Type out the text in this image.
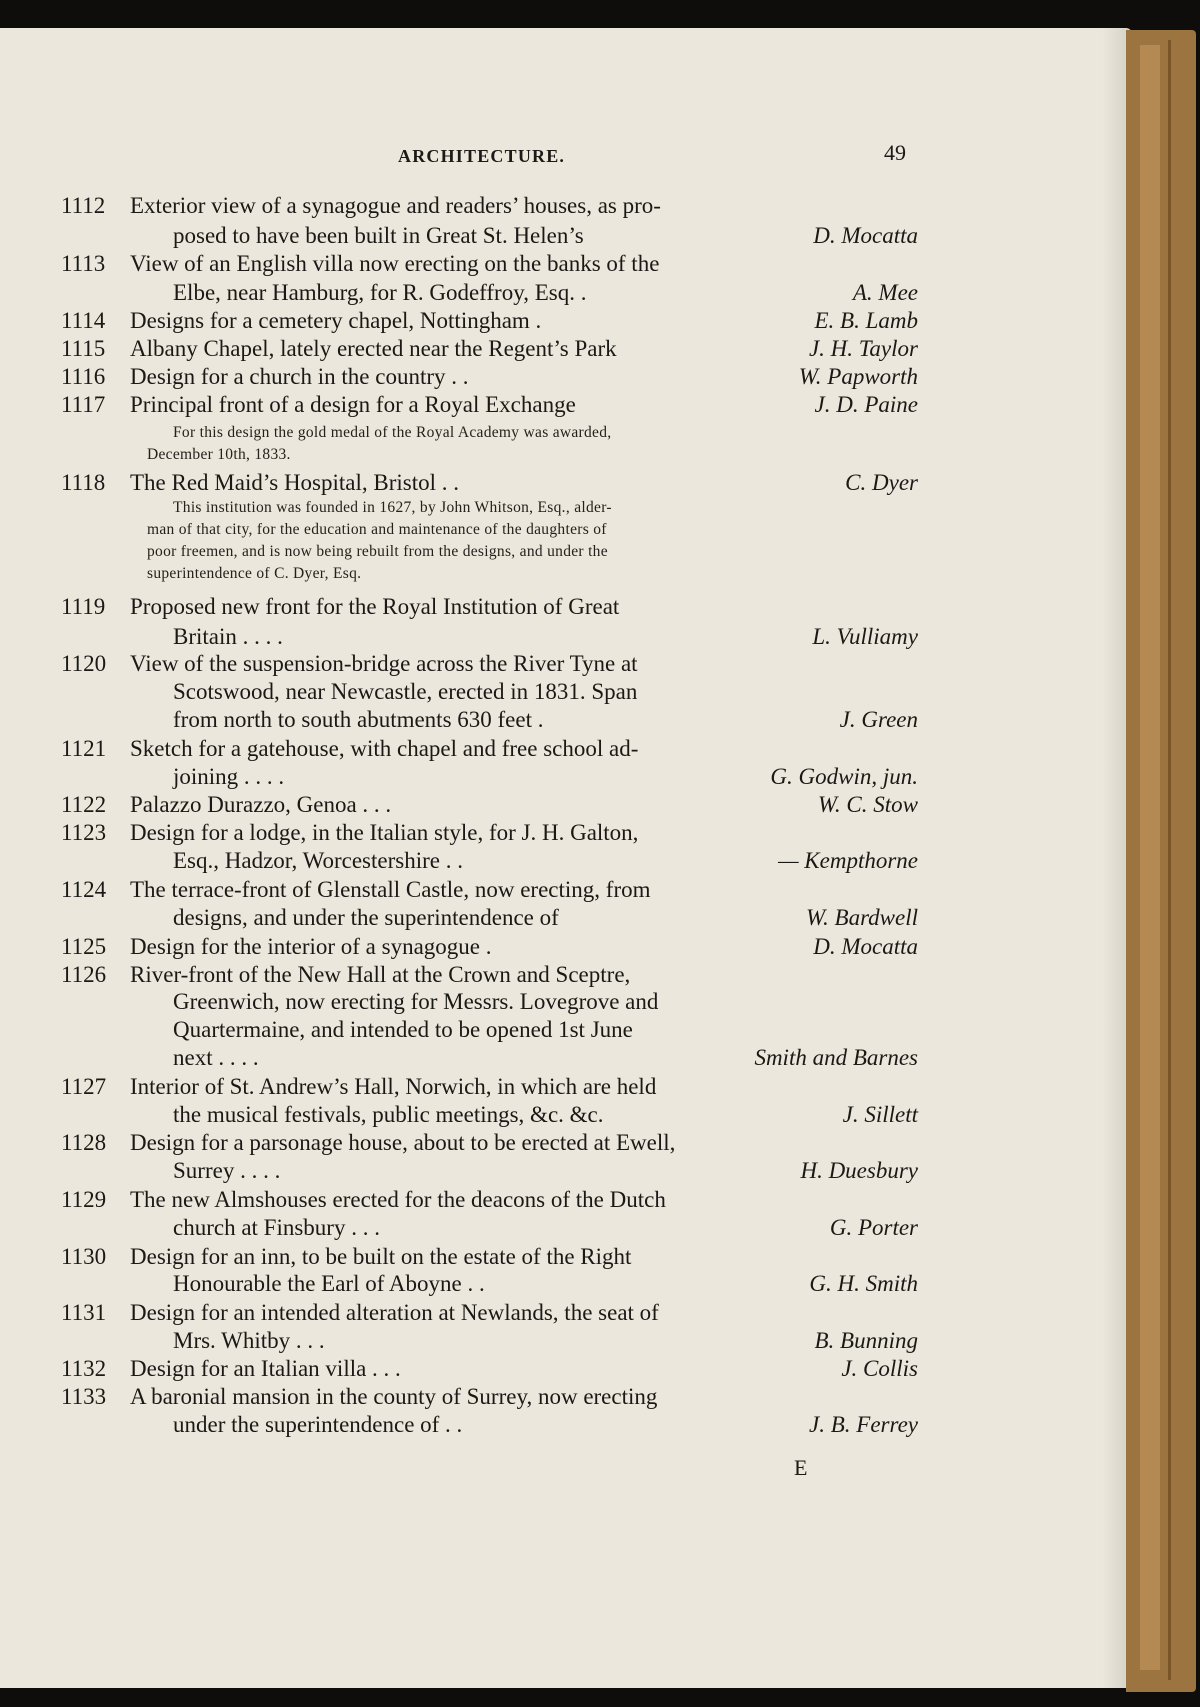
ARCHITECTURE.	49
1112	Exterior view of a synagogue and readers’ houses, as pro-
posed to have been built in Great St. Helen’s	D. Mocatta
1113	View of an English villa now erecting on the banks of the
Elbe, near Hamburg, for R. Godeffroy, Esq. .	A. Mee
1114	Designs for a cemetery chapel, Nottingham .	E. B. Lamb
1115	Albany Chapel, lately erected near the Regent’s Park	J. H. Taylor
1116	Design for a church in the country . .	W. Papworth
1117	Principal front of a design for a Royal Exchange	J. D. Paine
For this design the gold medal of the Royal Academy was awarded,
December 10th, 1833.
1118	The Red Maid’s Hospital, Bristol . .	C. Dyer
This institution was founded in 1627, by John Whitson, Esq., alder-
man of that city, for the education and maintenance of the daughters of
poor freemen, and is now being rebuilt from the designs, and under the
superintendence of C. Dyer, Esq.
1119	Proposed new front for the Royal Institution of Great
Britain . . . .	L. Vulliamy
1120	View of the suspension-bridge across the River Tyne at
Scotswood, near Newcastle, erected in 1831. Span
from north to south abutments 630 feet .	J. Green
1121	Sketch for a gatehouse, with chapel and free school ad-
joining . . . .	G. Godwin, jun.
1122	Palazzo Durazzo, Genoa . . .	W. C. Stow
1123	Design for a lodge, in the Italian style, for J. H. Galton,
Esq., Hadzor, Worcestershire . .	— Kempthorne
1124	The terrace-front of Glenstall Castle, now erecting, from
designs, and under the superintendence of	W. Bardwell
1125	Design for the interior of a synagogue .	D. Mocatta
1126	River-front of the New Hall at the Crown and Sceptre,
Greenwich, now erecting for Messrs. Lovegrove and
Quartermaine, and intended to be opened 1st June
next . . . .	Smith and Barnes
1127	Interior of St. Andrew’s Hall, Norwich, in which are held
the musical festivals, public meetings, &c. &c.	J. Sillett
1128	Design for a parsonage house, about to be erected at Ewell,
Surrey . . . .	H. Duesbury
1129	The new Almshouses erected for the deacons of the Dutch
church at Finsbury . . .	G. Porter
1130	Design for an inn, to be built on the estate of the Right
Honourable the Earl of Aboyne . .	G. H. Smith
1131	Design for an intended alteration at Newlands, the seat of
Mrs. Whitby . . .	B. Bunning
1132	Design for an Italian villa . . .	J. Collis
1133	A baronial mansion in the county of Surrey, now erecting
under the superintendence of . .	J. B. Ferrey
E
